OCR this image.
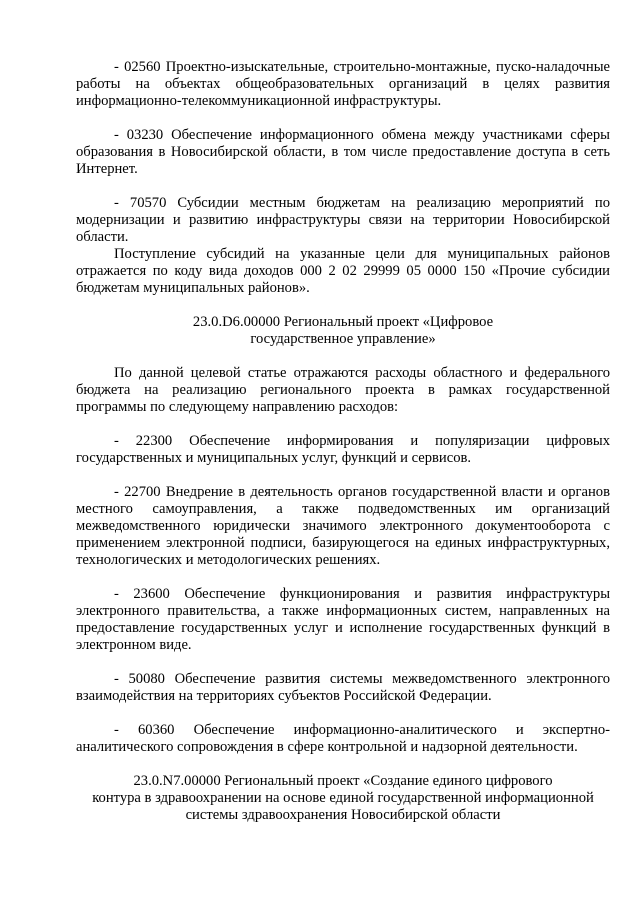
- 02560 Проектно-изыскательные, строительно-монтажные, пуско-наладочные работы на объектах общеобразовательных организаций в целях развития информационно-телекоммуникационной инфраструктуры.

- 03230 Обеспечение информационного обмена между участниками сферы образования в Новосибирской области, в том числе предоставление доступа в сеть Интернет.

- 70570 Субсидии местным бюджетам на реализацию мероприятий по модернизации и развитию инфраструктуры связи на территории Новосибирской области.

Поступление субсидий на указанные цели для муниципальных районов отражается по коду вида доходов 000 2 02 29999 05 0000 150 «Прочие субсидии бюджетам муниципальных районов».

23.0.D6.00000 Региональный проект «Цифровое
государственное управление»

По данной целевой статье отражаются расходы областного и федерального бюджета на реализацию регионального проекта в рамках государственной программы по следующему направлению расходов:

- 22300 Обеспечение информирования и популяризации цифровых государственных и муниципальных услуг, функций и сервисов.

- 22700 Внедрение в деятельность органов государственной власти и органов местного самоуправления, а также подведомственных им организаций межведомственного юридически значимого электронного документооборота с применением электронной подписи, базирующегося на единых инфраструктурных, технологических и методологических решениях.

- 23600 Обеспечение функционирования и развития инфраструктуры электронного правительства, а также информационных систем, направленных на предоставление государственных услуг и исполнение государственных функций в электронном виде.

- 50080 Обеспечение развития системы межведомственного электронного взаимодействия на территориях субъектов Российской Федерации.

- 60360 Обеспечение информационно-аналитического и экспертно-аналитического сопровождения в сфере контрольной и надзорной деятельности.

23.0.N7.00000 Региональный проект «Создание единого цифрового
контура в здравоохранении на основе единой государственной информационной
системы здравоохранения Новосибирской области
